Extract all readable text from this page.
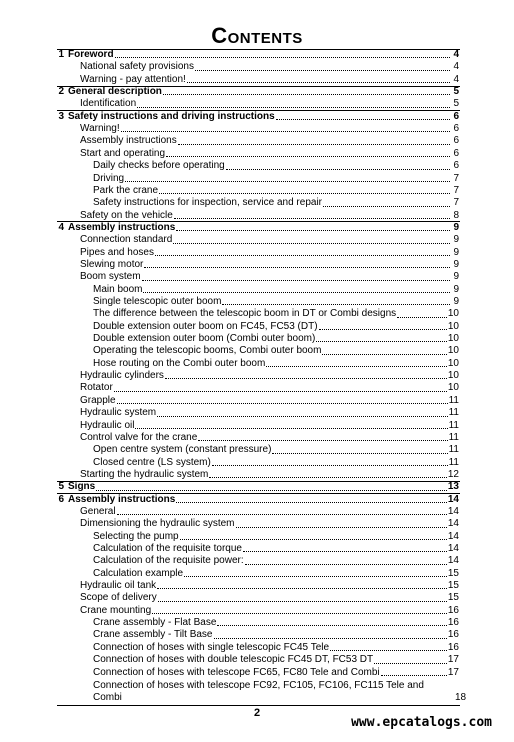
Contents
1 Foreword	4
National safety provisions	4
Warning - pay attention!	4
2 General description	5
Identification	5
3 Safety instructions and driving instructions	6
Warning!	6
Assembly instructions	6
Start and operating	6
Daily checks before operating	6
Driving	7
Park the crane	7
Safety instructions for inspection, service and repair	7
Safety on the vehicle	8
4 Assembly instructions	9
Connection standard	9
Pipes and hoses	9
Slewing motor	9
Boom system	9
Main boom	9
Single telescopic outer boom	9
The difference between the telescopic boom in DT or Combi designs	10
Double extension outer boom on FC45, FC53 (DT)	10
Double extension outer boom (Combi outer boom)	10
Operating the telescopic booms, Combi outer boom	10
Hose routing on the Combi outer boom	10
Hydraulic cylinders	10
Rotator	10
Grapple	11
Hydraulic system	11
Hydraulic oil	11
Control valve for the crane	11
Open centre system (constant pressure)	11
Closed centre (LS system)	11
Starting the hydraulic system	12
5 Signs	13
6 Assembly instructions	14
General	14
Dimensioning the hydraulic system	14
Selecting the pump	14
Calculation of the requisite torque	14
Calculation of the requisite power:	14
Calculation example	15
Hydraulic oil tank	15
Scope of delivery	15
Crane mounting	16
Crane assembly - Flat Base	16
Crane assembly - Tilt Base	16
Connection of hoses with single telescopic FC45 Tele	16
Connection of hoses with double telescopic FC45 DT, FC53 DT	17
Connection of hoses with telescope FC65, FC80 Tele and Combi	17
Connection of hoses with telescope FC92, FC105, FC106, FC115 Tele and Combi	18
2
www.epcatalogs.com
